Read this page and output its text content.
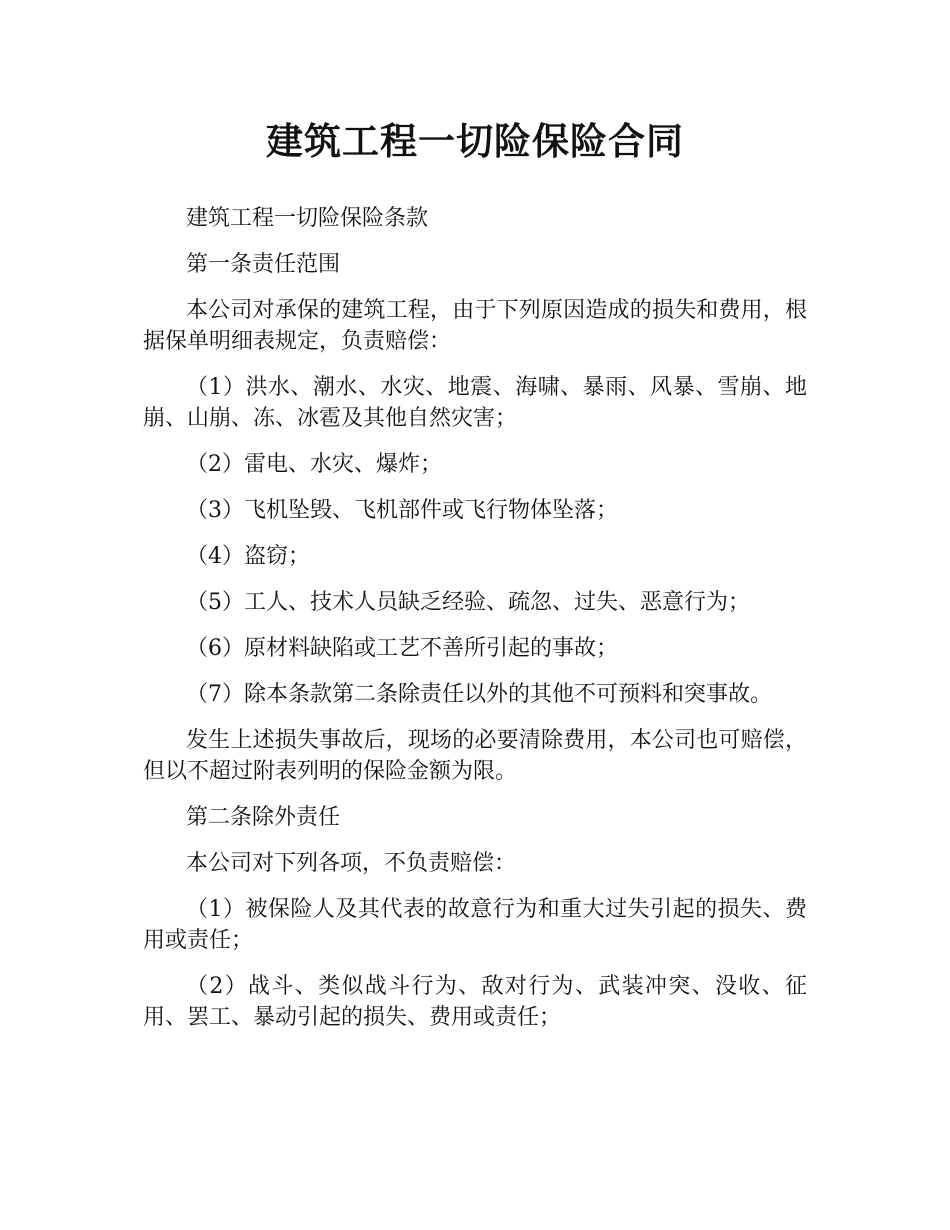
建筑工程一切险保险合同

建筑工程一切险保险条款

第一条责任范围

本公司对承保的建筑工程，由于下列原因造成的损失和费用，根据保单明细表规定，负责赔偿：

（1）洪水、潮水、水灾、地震、海啸、暴雨、风暴、雪崩、地崩、山崩、冻、冰雹及其他自然灾害；

（2）雷电、水灾、爆炸；

（3）飞机坠毁、飞机部件或飞行物体坠落；

（4）盗窃；

（5）工人、技术人员缺乏经验、疏忽、过失、恶意行为；

（6）原材料缺陷或工艺不善所引起的事故；

（7）除本条款第二条除责任以外的其他不可预料和突事故。

发生上述损失事故后，现场的必要清除费用，本公司也可赔偿，但以不超过附表列明的保险金额为限。

第二条除外责任

本公司对下列各项，不负责赔偿：

（1）被保险人及其代表的故意行为和重大过失引起的损失、费用或责任；

（2）战斗、类似战斗行为、敌对行为、武装冲突、没收、征用、罢工、暴动引起的损失、费用或责任；
